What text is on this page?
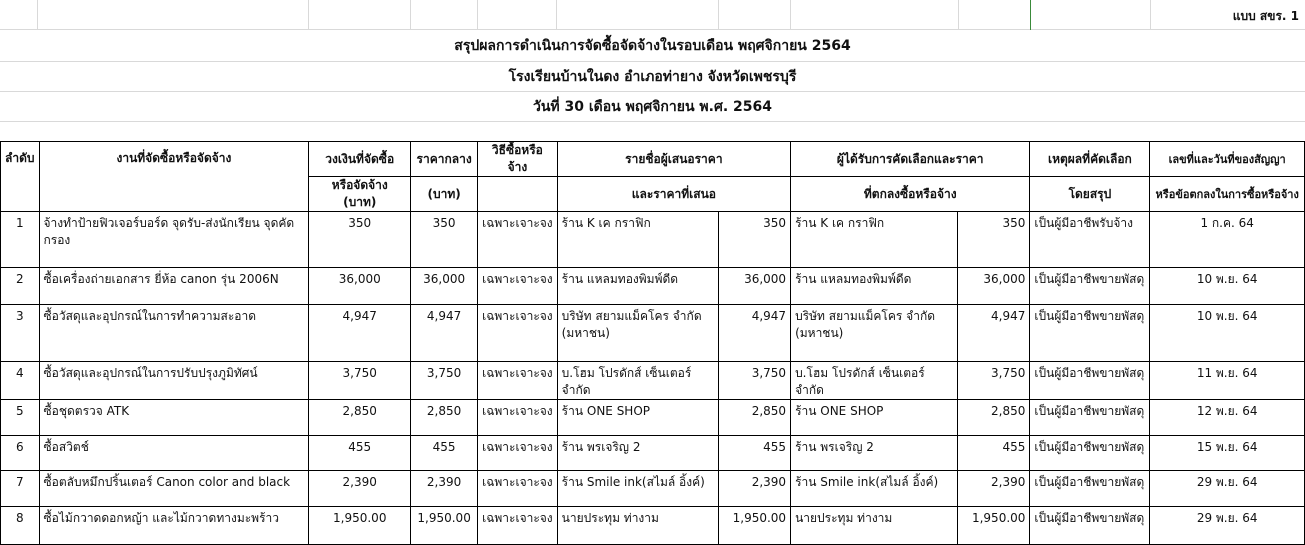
แบบ สขร. 1
สรุปผลการดำเนินการจัดซื้อจัดจ้างในรอบเดือน พฤศจิกายน 2564
โรงเรียนบ้านในดง อำเภอท่ายาง จังหวัดเพชรบุรี
วันที่ 30 เดือน พฤศจิกายน พ.ศ. 2564
ลำดับ	งานที่จัดซื้อหรือจัดจ้าง	วงเงินที่จัดซื้อ	ราคากลาง	วิธีซื้อหรือจ้าง	รายชื่อผู้เสนอราคา		ผู้ได้รับการคัดเลือกและราคา		เหตุผลที่คัดเลือก	เลขที่และวันที่ของสัญญา
		หรือจัดจ้าง (บาท)	(บาท)		และราคาที่เสนอ		ที่ตกลงซื้อหรือจ้าง		โดยสรุป	หรือข้อตกลงในการซื้อหรือจ้าง
1	จ้างทำป้ายฟิวเจอร์บอร์ด จุดรับ-ส่งนักเรียน จุดคัดกรอง	350	350	เฉพาะเจาะจง	ร้าน K เค กราฟิก	350	ร้าน K เค กราฟิก	350	เป็นผู้มีอาชีพรับจ้าง	1 ก.ค. 64
2	ซื้อเครื่องถ่ายเอกสาร ยี่ห้อ canon รุ่น 2006N	36,000	36,000	เฉพาะเจาะจง	ร้าน แหลมทองพิมพ์ดีด	36,000	ร้าน แหลมทองพิมพ์ดีด	36,000	เป็นผู้มีอาชีพขายพัสดุ	10 พ.ย. 64
3	ซื้อวัสดุและอุปกรณ์ในการทำความสะอาด	4,947	4,947	เฉพาะเจาะจง	บริษัท สยามแม็คโคร จำกัด (มหาชน)	4,947	บริษัท สยามแม็คโคร จำกัด (มหาชน)	4,947	เป็นผู้มีอาชีพขายพัสดุ	10 พ.ย. 64
4	ซื้อวัสดุและอุปกรณ์ในการปรับปรุงภูมิทัศน์	3,750	3,750	เฉพาะเจาะจง	บ.โฮม โปรดักส์ เซ็นเตอร์ จำกัด	3,750	บ.โฮม โปรดักส์ เซ็นเตอร์ จำกัด	3,750	เป็นผู้มีอาชีพขายพัสดุ	11 พ.ย. 64
5	ซื้อชุดตรวจ ATK	2,850	2,850	เฉพาะเจาะจง	ร้าน ONE SHOP	2,850	ร้าน ONE SHOP	2,850	เป็นผู้มีอาชีพขายพัสดุ	12 พ.ย. 64
6	ซื้อสวิตช์	455	455	เฉพาะเจาะจง	ร้าน พรเจริญ 2	455	ร้าน พรเจริญ 2	455	เป็นผู้มีอาชีพขายพัสดุ	15 พ.ย. 64
7	ซื้อตลับหมึกปริ้นเตอร์ Canon color and black	2,390	2,390	เฉพาะเจาะจง	ร้าน Smile ink(สไมล์ อิ้งค์)	2,390	ร้าน Smile ink(สไมล์ อิ้งค์)	2,390	เป็นผู้มีอาชีพขายพัสดุ	29 พ.ย. 64
8	ซื้อไม้กวาดดอกหญ้า และไม้กวาดทางมะพร้าว	1,950.00	1,950.00	เฉพาะเจาะจง	นายประทุม ท่างาม	1,950.00	นายประทุม ท่างาม	1,950.00	เป็นผู้มีอาชีพขายพัสดุ	29 พ.ย. 64
